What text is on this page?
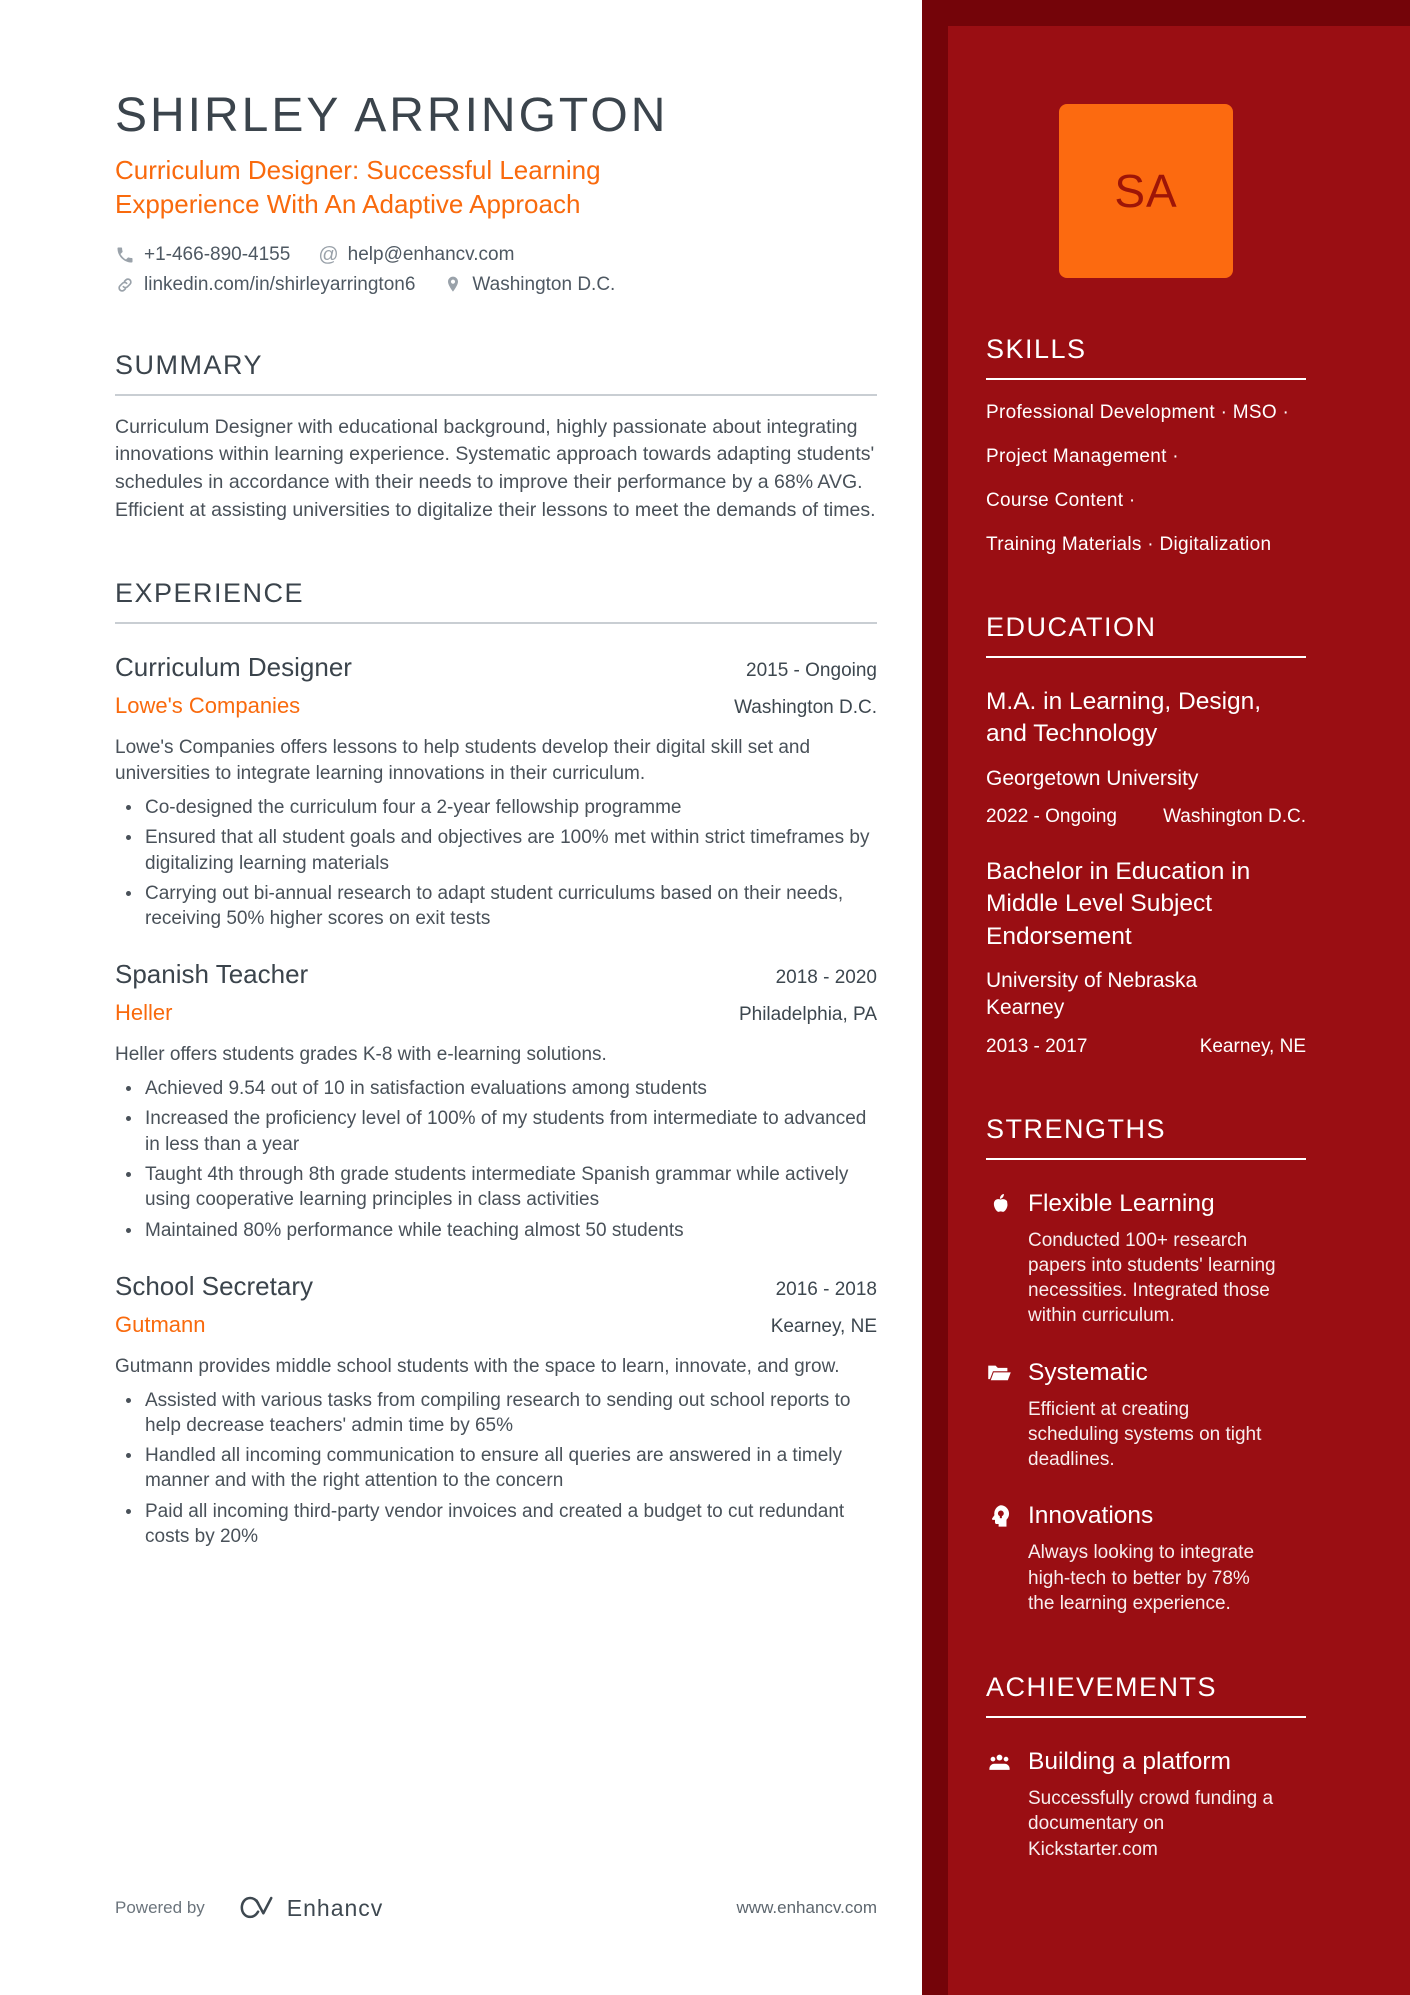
SHIRLEY ARRINGTON
Curriculum Designer: Successful Learning Expperience With An Adaptive Approach
+1-466-890-4155 @ help@enhancv.com
linkedin.com/in/shirleyarrington6	Washington D.C.
SUMMARY
Curriculum Designer with educational background, highly passionate about integrating innovations within learning experience. Systematic approach towards adapting students' schedules in accordance with their needs to improve their performance by a 68% AVG. Efficient at assisting universities to digitalize their lessons to meet the demands of times.
EXPERIENCE
Curriculum Designer	2015 - Ongoing
Lowe's Companies	Washington D.C.
Lowe's Companies offers lessons to help students develop their digital skill set and universities to integrate learning innovations in their curriculum.
Co-designed the curriculum four a 2-year fellowship programme
Ensured that all student goals and objectives are 100% met within strict timeframes by digitalizing learning materials
Carrying out bi-annual research to adapt student curriculums based on their needs, receiving 50% higher scores on exit tests
Spanish Teacher	2018 - 2020
Heller	Philadelphia, PA
Heller offers students grades K-8 with e-learning solutions.
Achieved 9.54 out of 10 in satisfaction evaluations among students
Increased the proficiency level of 100% of my students from intermediate to advanced in less than a year
Taught 4th through 8th grade students intermediate Spanish grammar while actively using cooperative learning principles in class activities
Maintained 80% performance while teaching almost 50 students
School Secretary	2016 - 2018
Gutmann	Kearney, NE
Gutmann provides middle school students with the space to learn, innovate, and grow.
Assisted with various tasks from compiling research to sending out school reports to help decrease teachers' admin time by 65%
Handled all incoming communication to ensure all queries are answered in a timely manner and with the right attention to the concern
Paid all incoming third-party vendor invoices and created a budget to cut redundant costs by 20%
SA
SKILLS
Professional Development · MSO ·
Project Management ·
Course Content ·
Training Materials · Digitalization
EDUCATION
M.A. in Learning, Design, and Technology
Georgetown University
2022 - Ongoing Washington D.C.
Bachelor in Education in Middle Level Subject Endorsement
University of Nebraska Kearney
2013 - 2017	Kearney, NE
STRENGTHS
Flexible Learning
Conducted 100+ research papers into students' learning necessities. Integrated those within curriculum.
Systematic
Efficient at creating scheduling systems on tight deadlines.
Innovations
Always looking to integrate high-tech to better by 78% the learning experience.
ACHIEVEMENTS
Building a platform
Successfully crowd funding a documentary on Kickstarter.com
Powered by	Enhancv	www.enhancv.com
